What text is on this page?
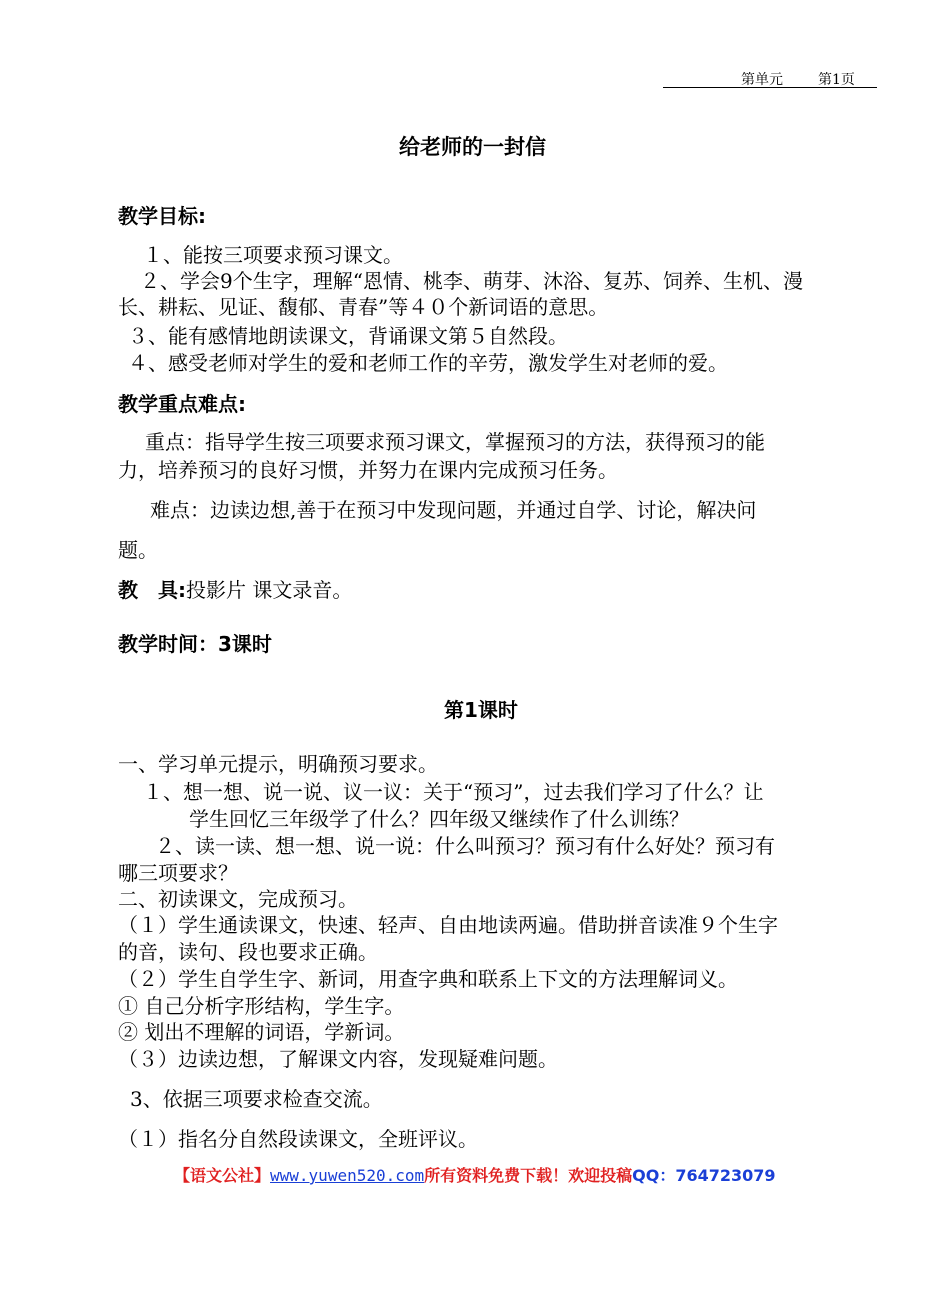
第单元	第1页
给老师的一封信
教学目标:
１、能按三项要求预习课文。
２、学会9个生字，理解“恩情、桃李、萌芽、沐浴、复苏、饲养、生机、漫
长、耕耘、见证、馥郁、青春”等４０个新词语的意思。
３、能有感情地朗读课文，背诵课文第５自然段。
４、感受老师对学生的爱和老师工作的辛劳，激发学生对老师的爱。
教学重点难点:
重点：指导学生按三项要求预习课文，掌握预习的方法，获得预习的能
力，培养预习的良好习惯，并努力在课内完成预习任务。
难点：边读边想,善于在预习中发现问题，并通过自学、讨论，解决问
题。
教　具:投影片 课文录音。
教学时间：3课时
第1课时
一、学习单元提示，明确预习要求。
１、想一想、说一说、议一议：关于“预习”，过去我们学习了什么？让
学生回忆三年级学了什么？四年级又继续作了什么训练？
２、读一读、想一想、说一说：什么叫预习？预习有什么好处？预习有
哪三项要求？
二、初读课文，完成预习。
（１）学生通读课文，快速、轻声、自由地读两遍。借助拼音读准９个生字
的音，读句、段也要求正确。
（２）学生自学生字、新词，用查字典和联系上下文的方法理解词义。
① 自己分析字形结构，学生字。
② 划出不理解的词语，学新词。
（３）边读边想，了解课文内容，发现疑难问题。
3、依据三项要求检查交流。
（１）指名分自然段读课文，全班评议。
【语文公社】www.yuwen520.com所有资料免费下载！欢迎投稿QQ：764723079
